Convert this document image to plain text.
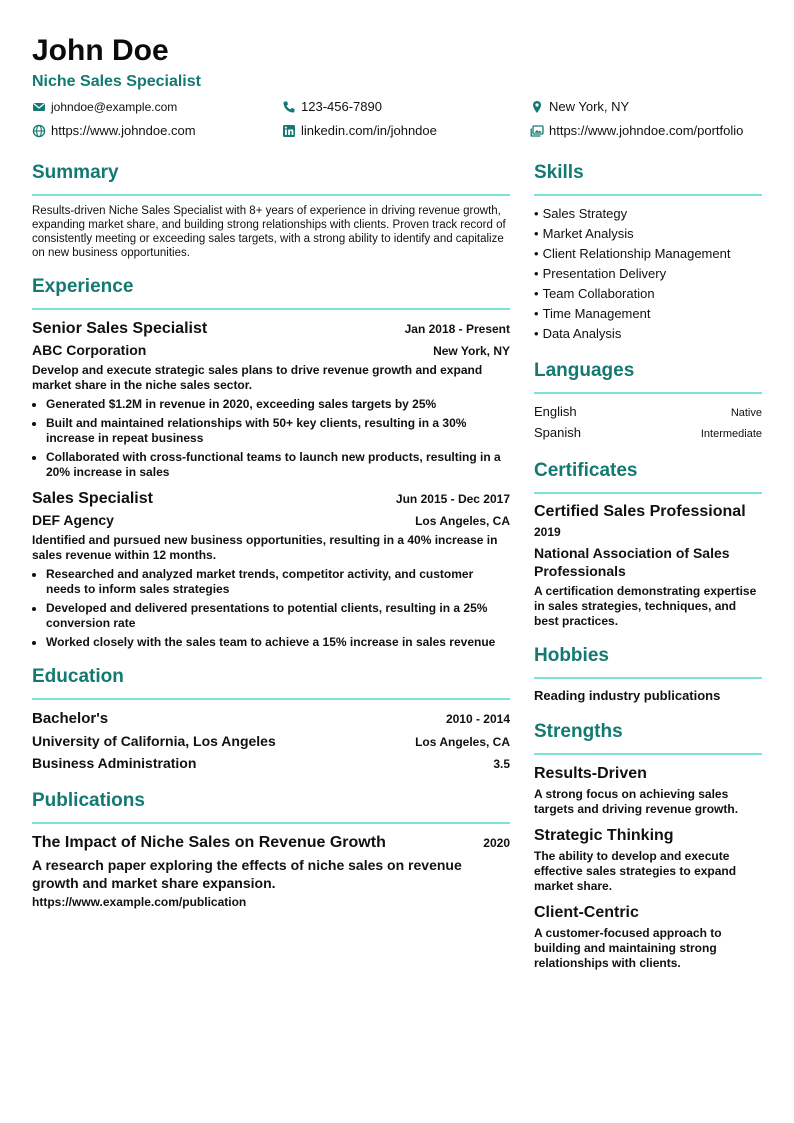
John Doe
Niche Sales Specialist
johndoe@example.com	123-456-7890	New York, NY
https://www.johndoe.com	linkedin.com/in/johndoe	https://www.johndoe.com/portfolio
Summary
Results-driven Niche Sales Specialist with 8+ years of experience in driving revenue growth, expanding market share, and building strong relationships with clients. Proven track record of consistently meeting or exceeding sales targets, with a strong ability to identify and capitalize on new business opportunities.
Experience
Senior Sales Specialist	Jan 2018 - Present
ABC Corporation	New York, NY
Develop and execute strategic sales plans to drive revenue growth and expand market share in the niche sales sector.
• Generated $1.2M in revenue in 2020, exceeding sales targets by 25%
• Built and maintained relationships with 50+ key clients, resulting in a 30% increase in repeat business
• Collaborated with cross-functional teams to launch new products, resulting in a 20% increase in sales
Sales Specialist	Jun 2015 - Dec 2017
DEF Agency	Los Angeles, CA
Identified and pursued new business opportunities, resulting in a 40% increase in sales revenue within 12 months.
• Researched and analyzed market trends, competitor activity, and customer needs to inform sales strategies
• Developed and delivered presentations to potential clients, resulting in a 25% conversion rate
• Worked closely with the sales team to achieve a 15% increase in sales revenue
Education
Bachelor's	2010 - 2014
University of California, Los Angeles	Los Angeles, CA
Business Administration	3.5
Publications
The Impact of Niche Sales on Revenue Growth	2020
A research paper exploring the effects of niche sales on revenue growth and market share expansion.
https://www.example.com/publication
Skills
• Sales Strategy
• Market Analysis
• Client Relationship Management
• Presentation Delivery
• Team Collaboration
• Time Management
• Data Analysis
Languages
English	Native
Spanish	Intermediate
Certificates
Certified Sales Professional
2019
National Association of Sales Professionals
A certification demonstrating expertise in sales strategies, techniques, and best practices.
Hobbies
Reading industry publications
Strengths
Results-Driven
A strong focus on achieving sales targets and driving revenue growth.
Strategic Thinking
The ability to develop and execute effective sales strategies to expand market share.
Client-Centric
A customer-focused approach to building and maintaining strong relationships with clients.
